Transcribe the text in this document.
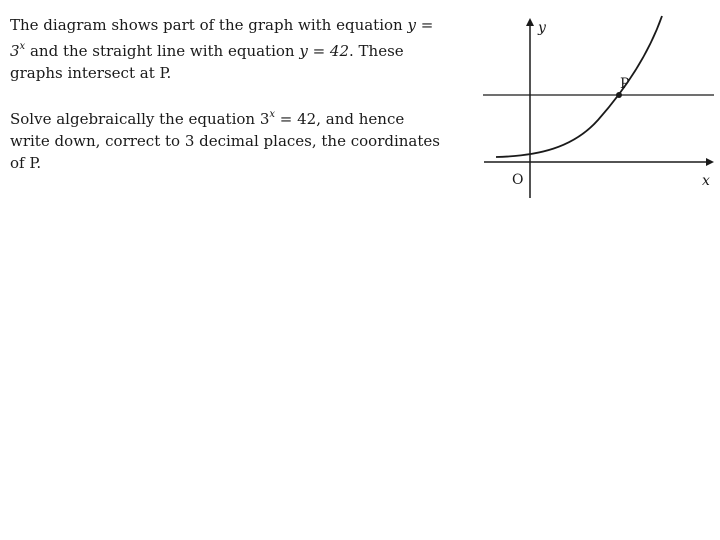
The diagram shows part of the graph with equation $y = 3^x$ and the straight line with equation y = 42. These graphs intersect at P.

Solve algebraically the equation $3^x = 42$, and hence write down, correct to 3 decimal places, the coordinates of P.

y
x
O
P
